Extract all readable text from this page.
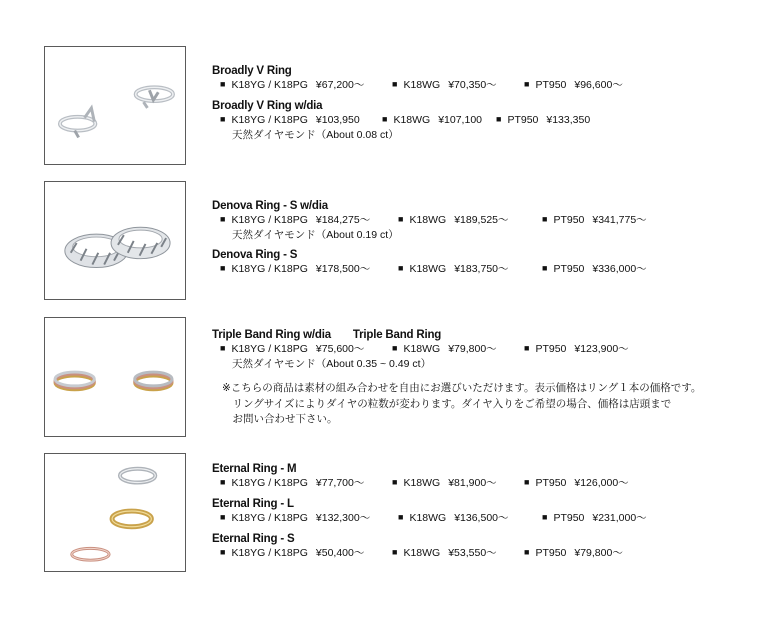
Broadly V Ring
■ K18YG / K18PG ¥67,200～	■ K18WG ¥70,350～	■ PT950 ¥96,600～
Broadly V Ring w/dia
■ K18YG / K18PG ¥103,950	■ K18WG ¥107,100	■ PT950 ¥133,350
天然ダイヤモンド（About 0.08 ct）
Denova Ring - S w/dia
■ K18YG / K18PG ¥184,275～	■ K18WG ¥189,525～	■ PT950 ¥341,775～
天然ダイヤモンド（About 0.19 ct）
Denova Ring - S
■ K18YG / K18PG ¥178,500～	■ K18WG ¥183,750～	■ PT950 ¥336,000～
Triple Band Ring w/dia Triple Band Ring
■ K18YG / K18PG ¥75,600～	■ K18WG ¥79,800～	■ PT950 ¥123,900～
天然ダイヤモンド（About 0.35 ~ 0.49 ct）
※こちらの商品は素材の組み合わせを自由にお選びいただけます。表示価格はリング１本の価格です。
　リングサイズによりダイヤの粒数が変わります。ダイヤ入りをご希望の場合、価格は店頭まで
　お問い合わせ下さい。
Eternal Ring - M
■ K18YG / K18PG ¥77,700～	■ K18WG ¥81,900～	■ PT950 ¥126,000～
Eternal Ring - L
■ K18YG / K18PG ¥132,300～	■ K18WG ¥136,500～	■ PT950 ¥231,000～
Eternal Ring - S
■ K18YG / K18PG ¥50,400～	■ K18WG ¥53,550～	■ PT950 ¥79,800～
